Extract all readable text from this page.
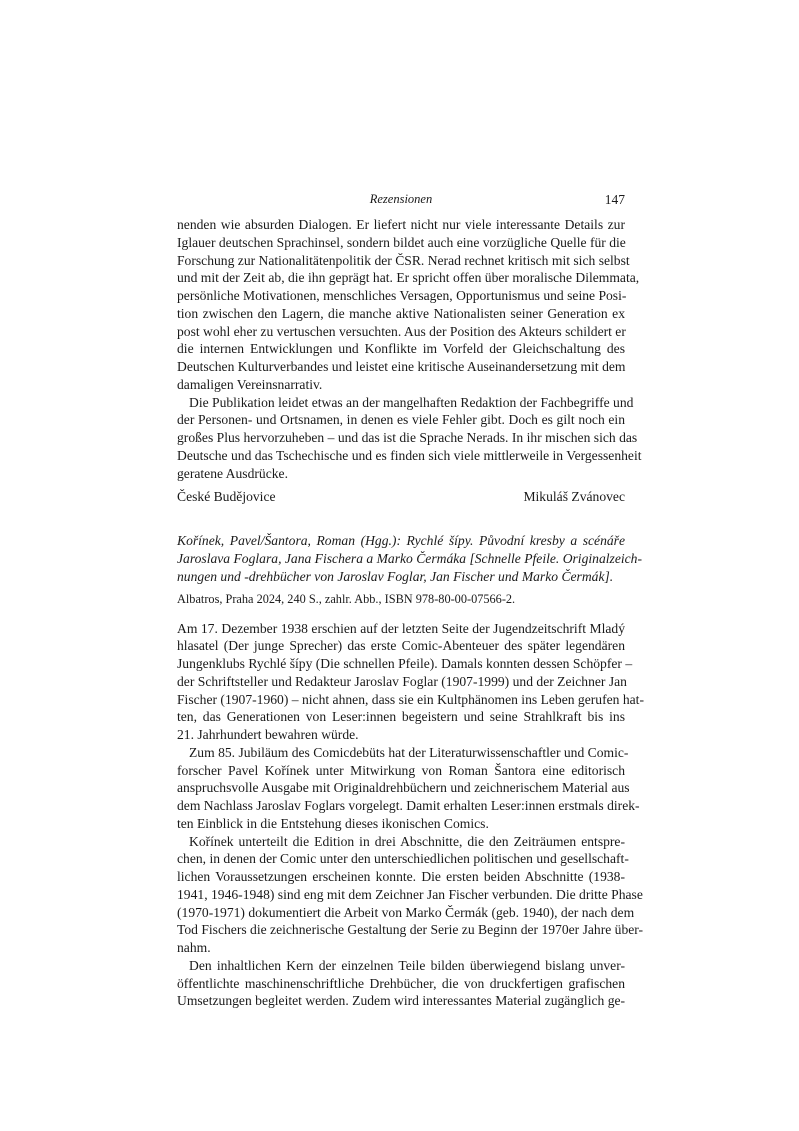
Rezensionen	147
nenden wie absurden Dialogen. Er liefert nicht nur viele interessante Details zur
Iglauer deutschen Sprachinsel, sondern bildet auch eine vorzügliche Quelle für die
Forschung zur Nationalitätenpolitik der ČSR. Nerad rechnet kritisch mit sich selbst
und mit der Zeit ab, die ihn geprägt hat. Er spricht offen über moralische Dilemmata,
persönliche Motivationen, menschliches Versagen, Opportunismus und seine Posi-
tion zwischen den Lagern, die manche aktive Nationalisten seiner Generation ex
post wohl eher zu vertuschen versuchten. Aus der Position des Akteurs schildert er
die internen Entwicklungen und Konflikte im Vorfeld der Gleichschaltung des
Deutschen Kulturverbandes und leistet eine kritische Auseinandersetzung mit dem
damaligen Vereinsnarrativ.
Die Publikation leidet etwas an der mangelhaften Redaktion der Fachbegriffe und
der Personen- und Ortsnamen, in denen es viele Fehler gibt. Doch es gilt noch ein
großes Plus hervorzuheben – und das ist die Sprache Nerads. In ihr mischen sich das
Deutsche und das Tschechische und es finden sich viele mittlerweile in Vergessenheit
geratene Ausdrücke.
České Budějovice	Mikuláš Zvánovec
Kořínek, Pavel/Šantora, Roman (Hgg.): Rychlé šípy. Původní kresby a scénáře
Jaroslava Foglara, Jana Fischera a Marko Čermáka [Schnelle Pfeile. Originalzeich-
nungen und -drehbücher von Jaroslav Foglar, Jan Fischer und Marko Čermák].
Albatros, Praha 2024, 240 S., zahlr. Abb., ISBN 978-80-00-07566-2.
Am 17. Dezember 1938 erschien auf der letzten Seite der Jugendzeitschrift Mladý
hlasatel (Der junge Sprecher) das erste Comic-Abenteuer des später legendären
Jungenklubs Rychlé šípy (Die schnellen Pfeile). Damals konnten dessen Schöpfer –
der Schriftsteller und Redakteur Jaroslav Foglar (1907-1999) und der Zeichner Jan
Fischer (1907-1960) – nicht ahnen, dass sie ein Kultphänomen ins Leben gerufen hat-
ten, das Generationen von Leser:innen begeistern und seine Strahlkraft bis ins
21. Jahrhundert bewahren würde.
Zum 85. Jubiläum des Comicdebüts hat der Literaturwissenschaftler und Comic-
forscher Pavel Kořínek unter Mitwirkung von Roman Šantora eine editorisch
anspruchsvolle Ausgabe mit Originaldrehbüchern und zeichnerischem Material aus
dem Nachlass Jaroslav Foglars vorgelegt. Damit erhalten Leser:innen erstmals direk-
ten Einblick in die Entstehung dieses ikonischen Comics.
Kořínek unterteilt die Edition in drei Abschnitte, die den Zeiträumen entspre-
chen, in denen der Comic unter den unterschiedlichen politischen und gesellschaft-
lichen Voraussetzungen erscheinen konnte. Die ersten beiden Abschnitte (1938-
1941, 1946-1948) sind eng mit dem Zeichner Jan Fischer verbunden. Die dritte Phase
(1970-1971) dokumentiert die Arbeit von Marko Čermák (geb. 1940), der nach dem
Tod Fischers die zeichnerische Gestaltung der Serie zu Beginn der 1970er Jahre über-
nahm.
Den inhaltlichen Kern der einzelnen Teile bilden überwiegend bislang unver-
öffentlichte maschinenschriftliche Drehbücher, die von druckfertigen grafischen
Umsetzungen begleitet werden. Zudem wird interessantes Material zugänglich ge-
